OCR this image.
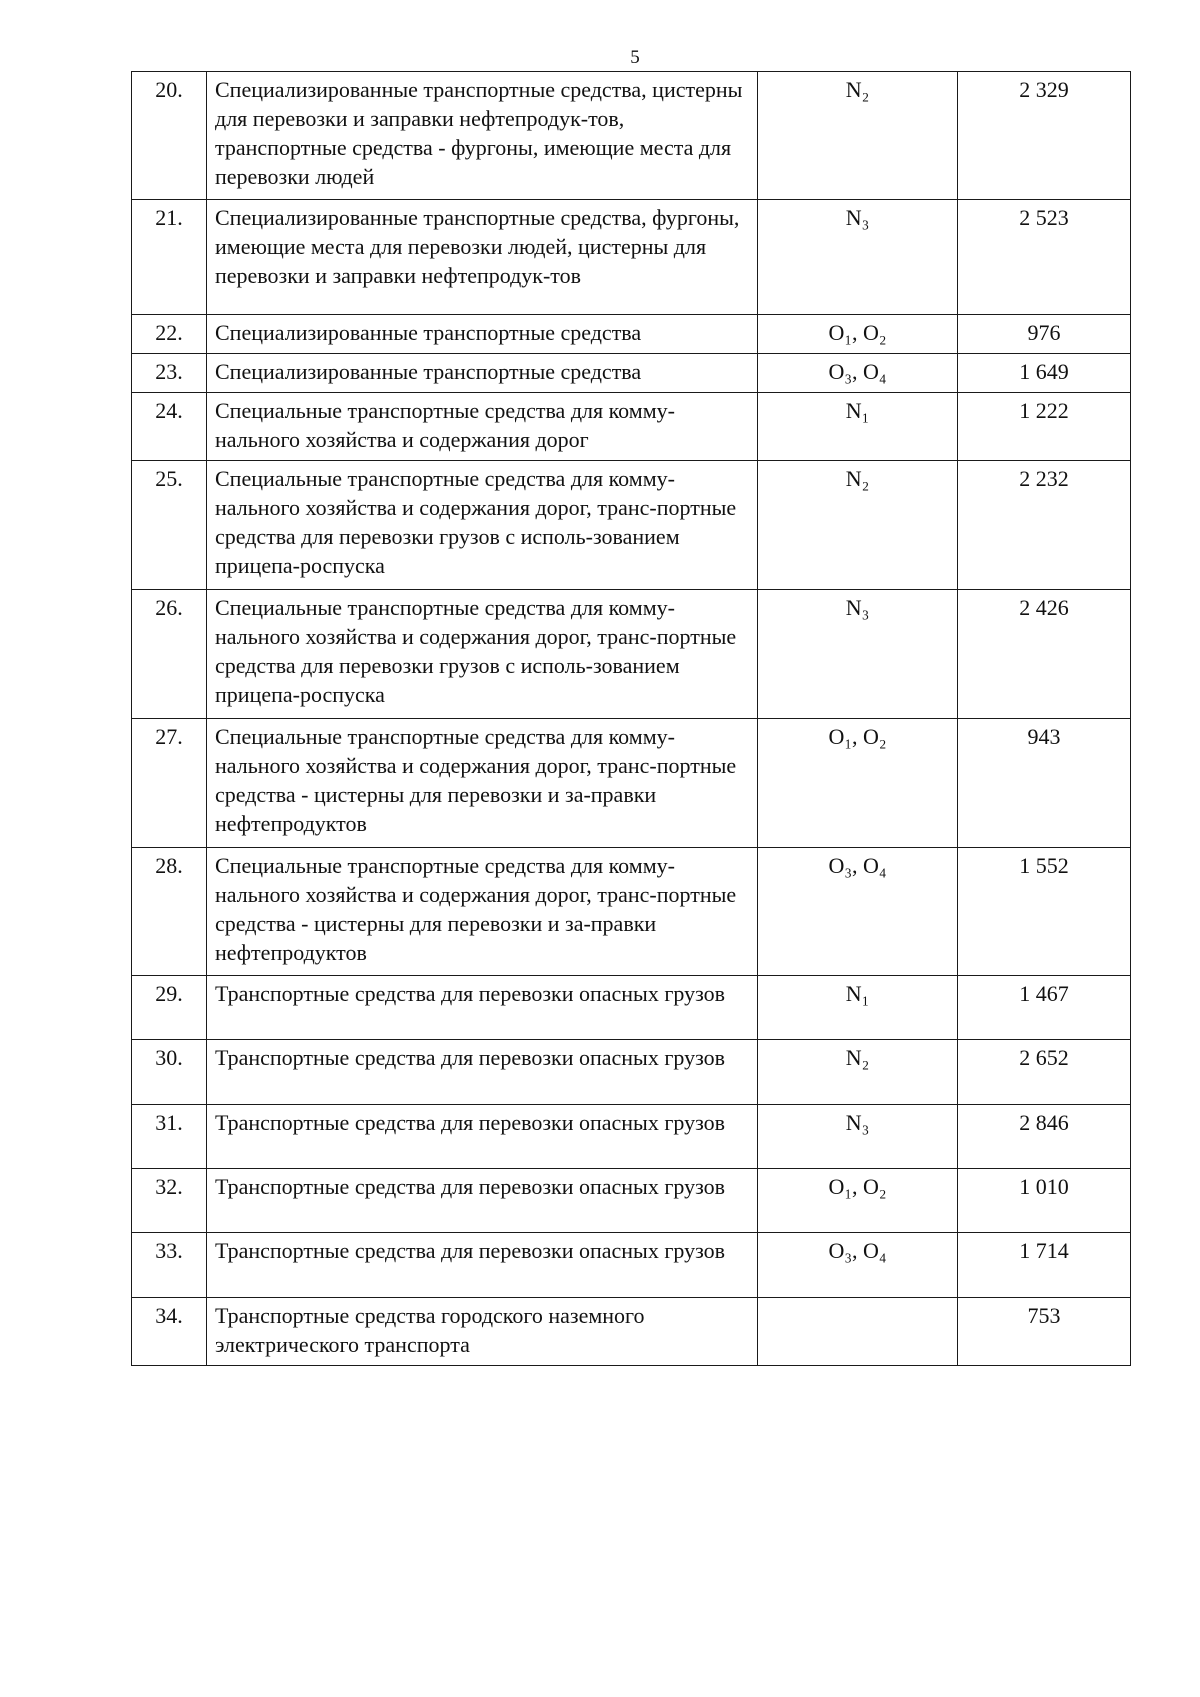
5
20.	Специализированные транспортные средства, цистерны для перевозки и заправки нефтепродук-тов, транспортные средства - фургоны, имеющие места для перевозки людей	N₂	2 329
21.	Специализированные транспортные средства, фургоны, имеющие места для перевозки людей, цистерны для перевозки и заправки нефтепродук-тов	N₃	2 523
22.	Специализированные транспортные средства	O₁, O₂	976
23.	Специализированные транспортные средства	O₃, O₄	1 649
24.	Специальные транспортные средства для комму-нального хозяйства и содержания дорог	N₁	1 222
25.	Специальные транспортные средства для комму-нального хозяйства и содержания дорог, транс-портные средства для перевозки грузов с исполь-зованием прицепа-роспуска	N₂	2 232
26.	Специальные транспортные средства для комму-нального хозяйства и содержания дорог, транс-портные средства для перевозки грузов с исполь-зованием прицепа-роспуска	N₃	2 426
27.	Специальные транспортные средства для комму-нального хозяйства и содержания дорог, транс-портные средства - цистерны для перевозки и за-правки нефтепродуктов	O₁, O₂	943
28.	Специальные транспортные средства для комму-нального хозяйства и содержания дорог, транс-портные средства - цистерны для перевозки и за-правки нефтепродуктов	O₃, O₄	1 552
29.	Транспортные средства для перевозки опасных грузов	N₁	1 467
30.	Транспортные средства для перевозки опасных грузов	N₂	2 652
31.	Транспортные средства для перевозки опасных грузов	N₃	2 846
32.	Транспортные средства для перевозки опасных грузов	O₁, O₂	1 010
33.	Транспортные средства для перевозки опасных грузов	O₃, O₄	1 714
34.	Транспортные средства городского наземного электрического транспорта		753
